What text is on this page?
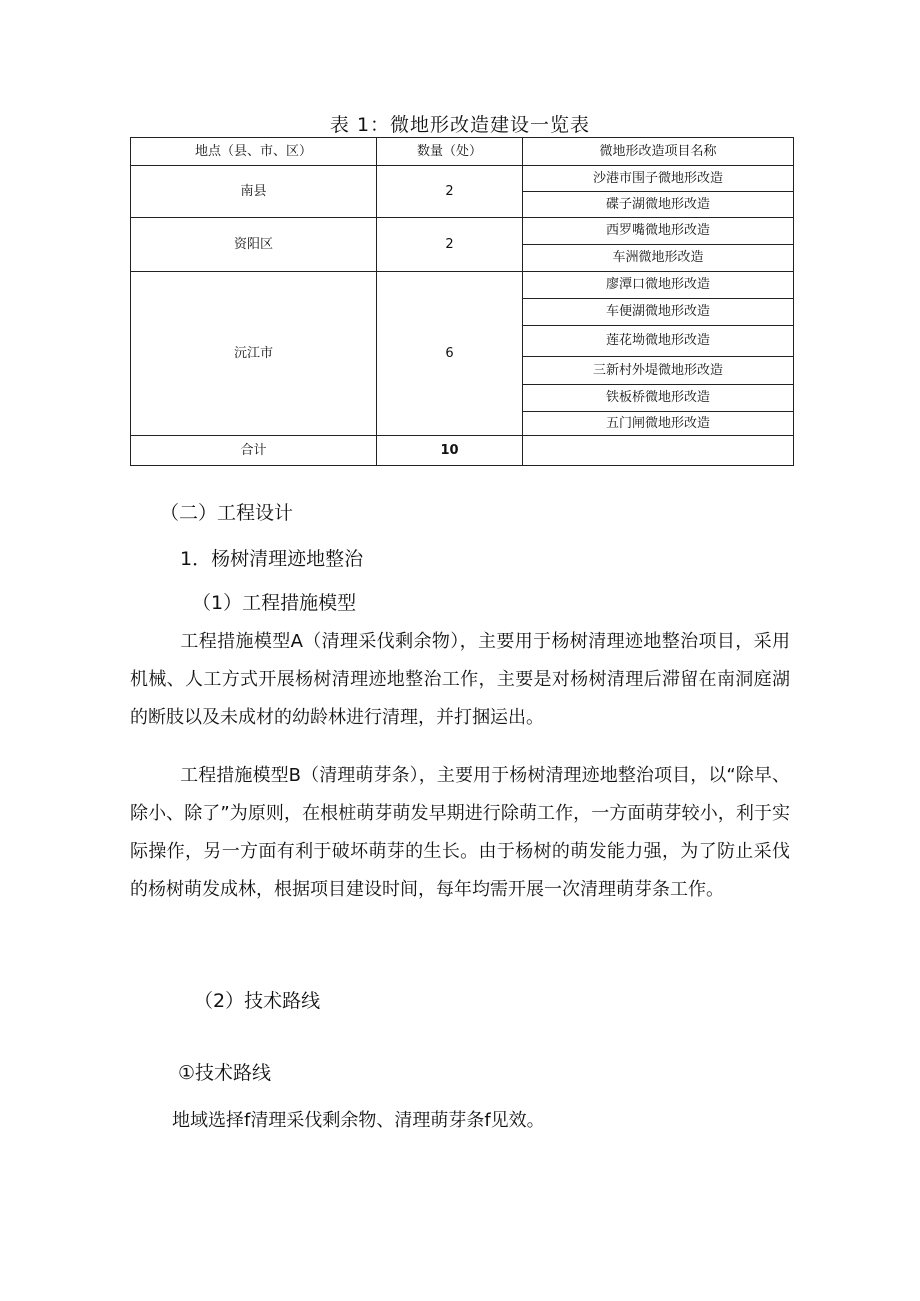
表 1：微地形改造建设一览表
地点（县、市、区）	数量（处）	微地形改造项目名称
南县	2	沙港市围子微地形改造
		碟子湖微地形改造
资阳区	2	西罗嘴微地形改造
		车洲微地形改造
沅江市	6	廖潭口微地形改造
		车便湖微地形改造
		莲花坳微地形改造
		三新村外堤微地形改造
		铁板桥微地形改造
		五门闸微地形改造
合计	10	
（二）工程设计
1．杨树清理迹地整治
（1）工程措施模型
工程措施模型A（清理采伐剩余物），主要用于杨树清理迹地整治项目，采用机械、人工方式开展杨树清理迹地整治工作，主要是对杨树清理后滞留在南洞庭湖的断肢以及未成材的幼龄林进行清理，并打捆运出。
工程措施模型B（清理萌芽条），主要用于杨树清理迹地整治项目，以“除早、除小、除了”为原则，在根桩萌芽萌发早期进行除萌工作，一方面萌芽较小，利于实际操作，另一方面有利于破坏萌芽的生长。由于杨树的萌发能力强，为了防止采伐的杨树萌发成林，根据项目建设时间，每年均需开展一次清理萌芽条工作。
（2）技术路线
①技术路线
地域选择f清理采伐剩余物、清理萌芽条f见效。
